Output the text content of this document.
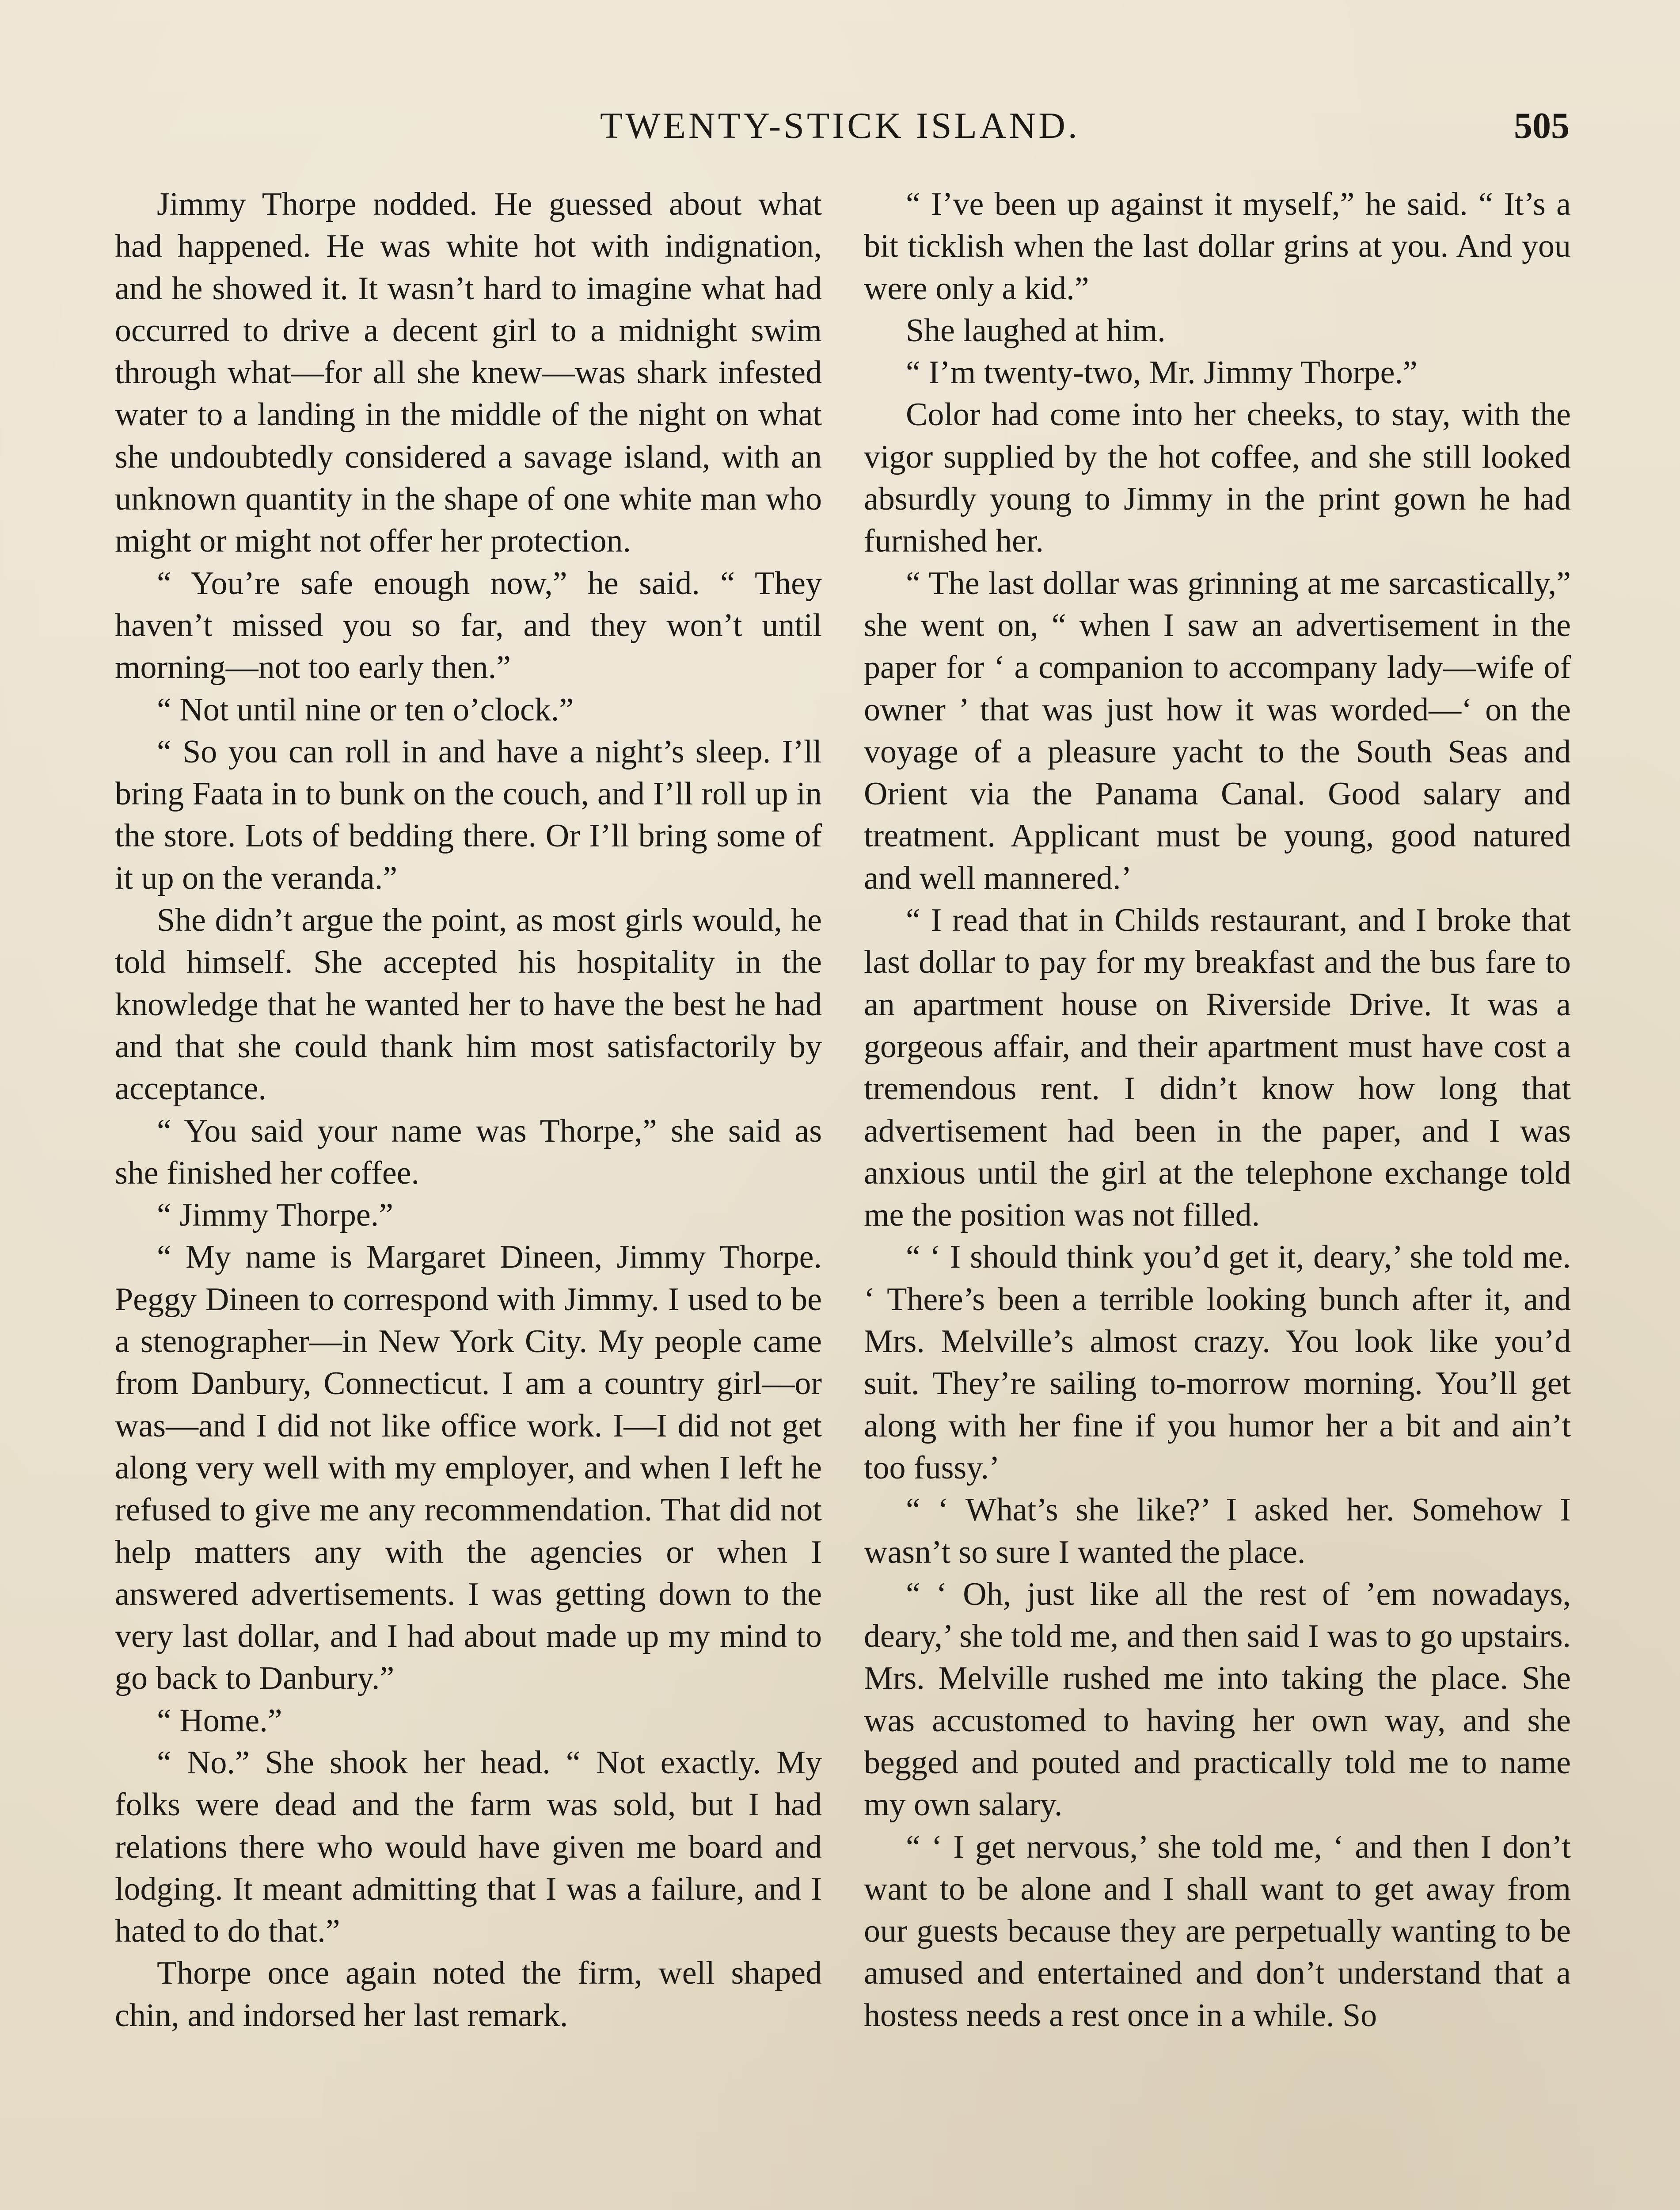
TWENTY-STICK ISLAND.	505

Jimmy Thorpe nodded. He guessed about what had happened. He was white hot with indignation, and he showed it. It wasn’t hard to imagine what had occurred to drive a decent girl to a midnight swim through what—for all she knew—was shark infested water to a landing in the middle of the night on what she undoubtedly considered a savage island, with an unknown quantity in the shape of one white man who might or might not offer her protection.

“ You’re safe enough now,” he said. “ They haven’t missed you so far, and they won’t until morning—not too early then.”

“ Not until nine or ten o’clock.”

“ So you can roll in and have a night’s sleep. I’ll bring Faata in to bunk on the couch, and I’ll roll up in the store. Lots of bedding there. Or I’ll bring some of it up on the veranda.”

She didn’t argue the point, as most girls would, he told himself. She accepted his hospitality in the knowledge that he wanted her to have the best he had and that she could thank him most satisfactorily by acceptance.

“ You said your name was Thorpe,” she said as she finished her coffee.

“ Jimmy Thorpe.”

“ My name is Margaret Dineen, Jimmy Thorpe. Peggy Dineen to correspond with Jimmy. I used to be a stenographer—in New York City. My people came from Danbury, Connecticut. I am a country girl—or was—and I did not like office work. I—I did not get along very well with my employer, and when I left he refused to give me any recommendation. That did not help matters any with the agencies or when I answered advertisements. I was getting down to the very last dollar, and I had about made up my mind to go back to Danbury.”

“ Home.”

“ No.” She shook her head. “ Not exactly. My folks were dead and the farm was sold, but I had relations there who would have given me board and lodging. It meant admitting that I was a failure, and I hated to do that.”

Thorpe once again noted the firm, well shaped chin, and indorsed her last remark.

“ I’ve been up against it myself,” he said. “ It’s a bit ticklish when the last dollar grins at you. And you were only a kid.”

She laughed at him.

“ I’m twenty-two, Mr. Jimmy Thorpe.”

Color had come into her cheeks, to stay, with the vigor supplied by the hot coffee, and she still looked absurdly young to Jimmy in the print gown he had furnished her.

“ The last dollar was grinning at me sarcastically,” she went on, “ when I saw an advertisement in the paper for ‘ a companion to accompany lady—wife of owner ’ that was just how it was worded—‘ on the voyage of a pleasure yacht to the South Seas and Orient via the Panama Canal. Good salary and treatment. Applicant must be young, good natured and well mannered.’

“ I read that in Childs restaurant, and I broke that last dollar to pay for my breakfast and the bus fare to an apartment house on Riverside Drive. It was a gorgeous affair, and their apartment must have cost a tremendous rent. I didn’t know how long that advertisement had been in the paper, and I was anxious until the girl at the telephone exchange told me the position was not filled.

“ ‘ I should think you’d get it, deary,’ she told me. ‘ There’s been a terrible looking bunch after it, and Mrs. Melville’s almost crazy. You look like you’d suit. They’re sailing to-morrow morning. You’ll get along with her fine if you humor her a bit and ain’t too fussy.’

“ ‘ What’s she like?’ I asked her. Somehow I wasn’t so sure I wanted the place.

“ ‘ Oh, just like all the rest of ’em nowadays, deary,’ she told me, and then said I was to go upstairs. Mrs. Melville rushed me into taking the place. She was accustomed to having her own way, and she begged and pouted and practically told me to name my own salary.

“ ‘ I get nervous,’ she told me, ‘ and then I don’t want to be alone and I shall want to get away from our guests because they are perpetually wanting to be amused and entertained and don’t understand that a hostess needs a rest once in a while. So
